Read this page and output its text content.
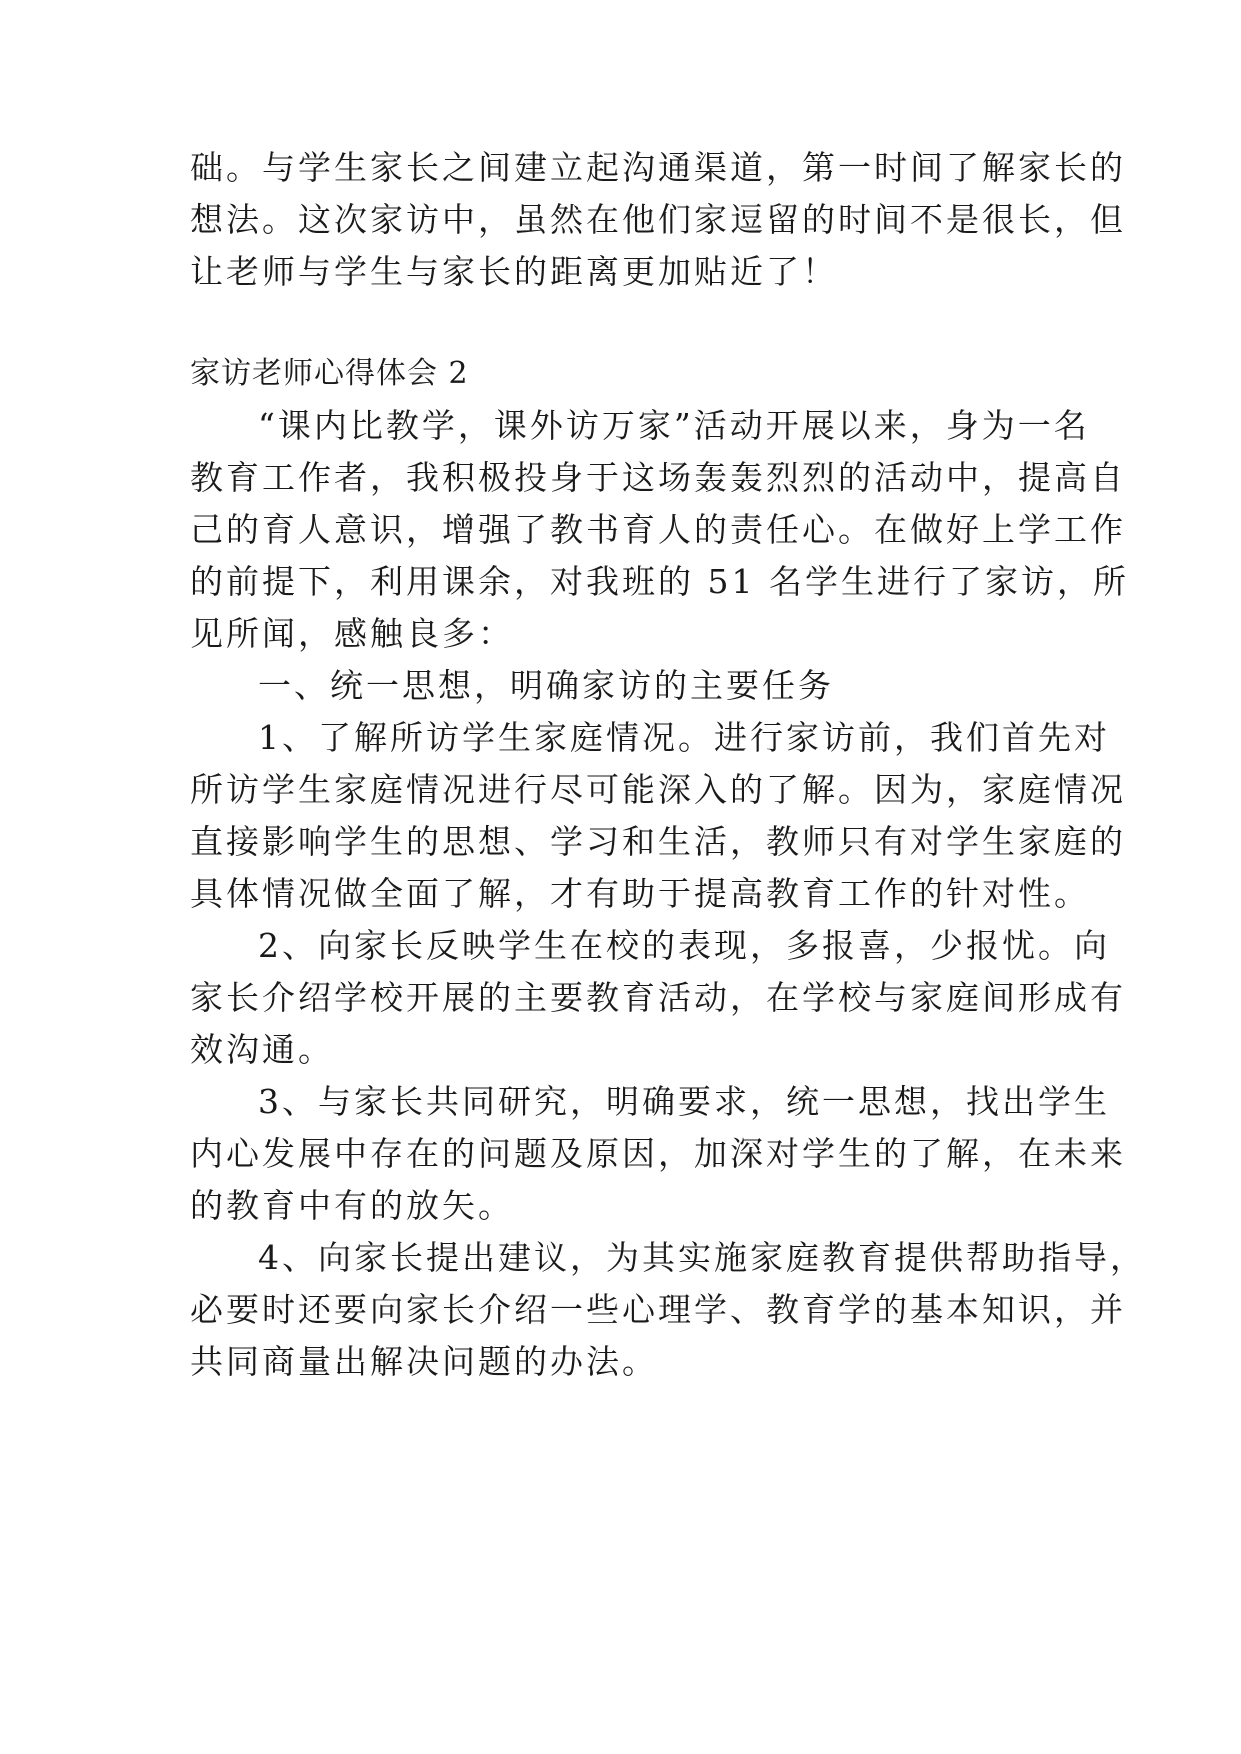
础。与学生家长之间建立起沟通渠道，第一时间了解家长的
想法。这次家访中，虽然在他们家逗留的时间不是很长，但
让老师与学生与家长的距离更加贴近了！
家访老师心得体会 2
“课内比教学，课外访万家”活动开展以来，身为一名
教育工作者，我积极投身于这场轰轰烈烈的活动中，提高自
己的育人意识，增强了教书育人的责任心。在做好上学工作
的前提下，利用课余，对我班的 51 名学生进行了家访，所
见所闻，感触良多：
一、统一思想，明确家访的主要任务
1、了解所访学生家庭情况。进行家访前，我们首先对
所访学生家庭情况进行尽可能深入的了解。因为，家庭情况
直接影响学生的思想、学习和生活，教师只有对学生家庭的
具体情况做全面了解，才有助于提高教育工作的针对性。
2、向家长反映学生在校的表现，多报喜，少报忧。向
家长介绍学校开展的主要教育活动，在学校与家庭间形成有
效沟通。
3、与家长共同研究，明确要求，统一思想，找出学生
内心发展中存在的问题及原因，加深对学生的了解，在未来
的教育中有的放矢。
4、向家长提出建议，为其实施家庭教育提供帮助指导，
必要时还要向家长介绍一些心理学、教育学的基本知识，并
共同商量出解决问题的办法。
